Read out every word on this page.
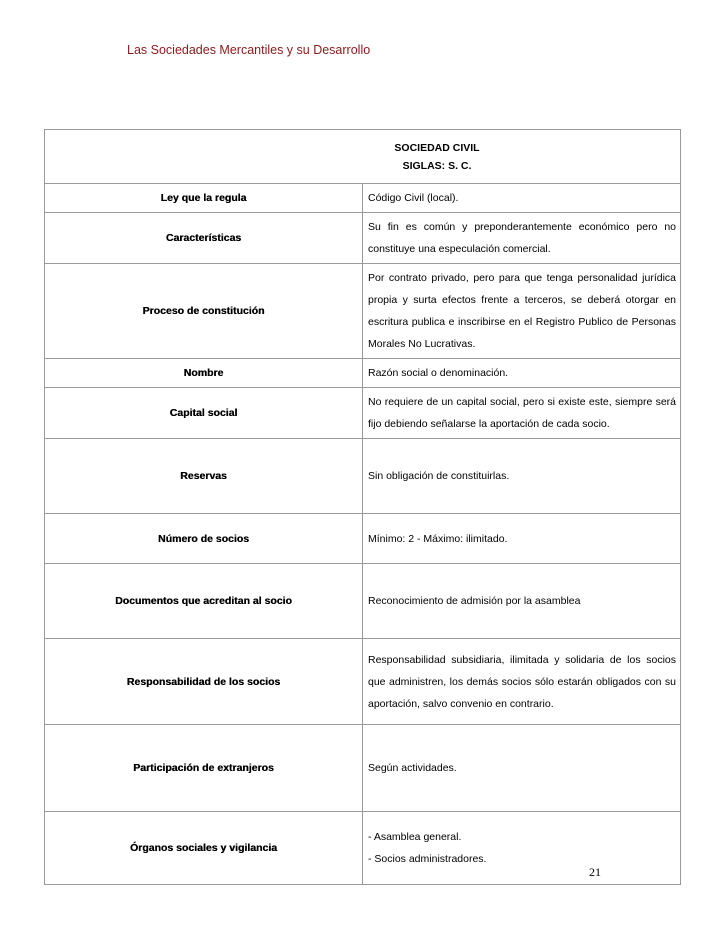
Las Sociedades Mercantiles y su Desarrollo
SOCIEDAD CIVIL
SIGLAS: S. C.	

Ley que la regula	Código Civil (local).
Características	Su fin es común y preponderantemente económico pero no constituye una especulación comercial.
Proceso de constitución	Por contrato privado, pero para que tenga personalidad jurídica propia y surta efectos frente a terceros, se deberá otorgar en escritura publica e inscribirse en el Registro Publico de Personas Morales No Lucrativas.
Nombre	Razón social o denominación.
Capital social	No requiere de un capital social, pero si existe este, siempre será fijo debiendo señalarse la aportación de cada socio.
Reservas	Sin obligación de constituirlas.
Número de socios	Mínimo: 2 - Máximo: ilimitado.
Documentos que acreditan al socio	Reconocimiento de admisión por la asamblea
Responsabilidad de los socios	Responsabilidad subsidiaria, ilimitada y solidaria de los socios que administren, los demás socios sólo estarán obligados con su aportación, salvo convenio en contrario.
Participación de extranjeros	Según actividades.
Órganos sociales y vigilancia	- Asamblea general.
- Socios administradores.
21
